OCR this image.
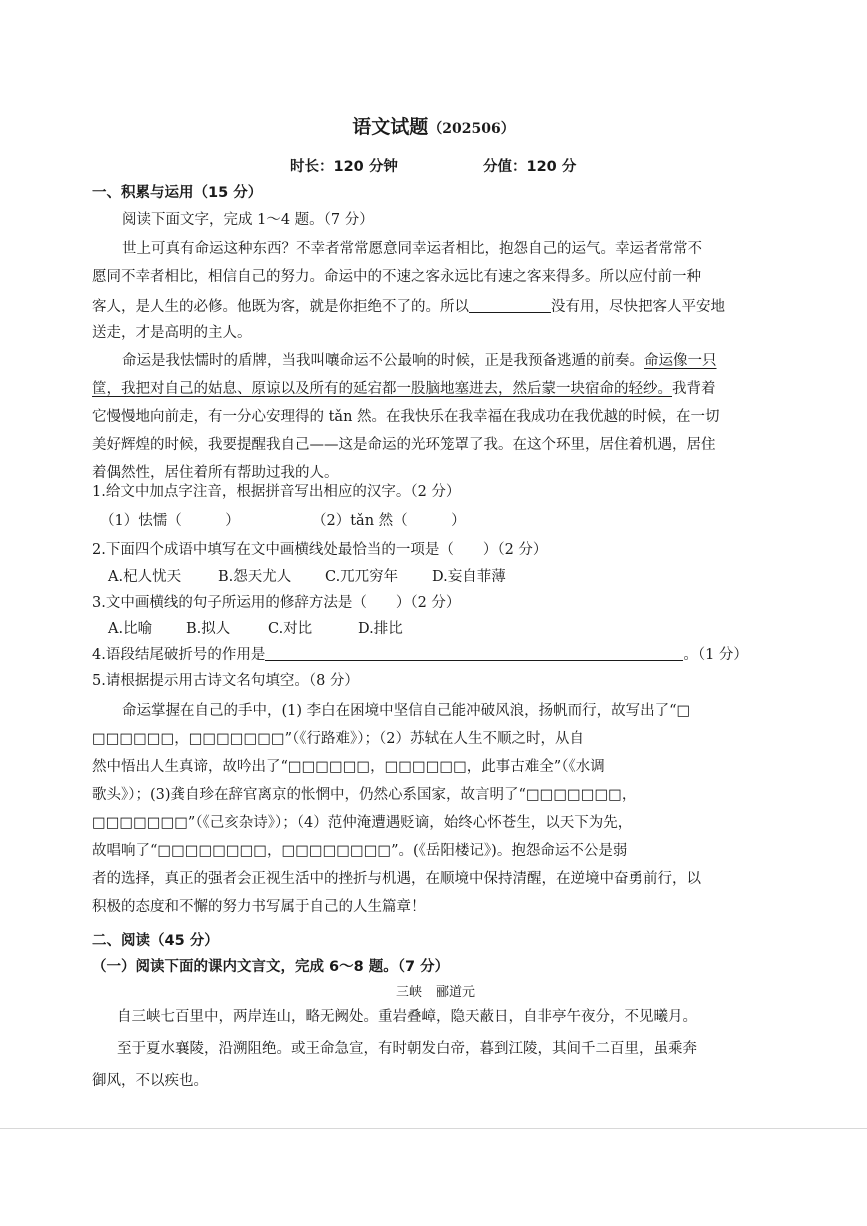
语文试题（202506）
时长：120 分钟	分值：120 分
一、积累与运用（15 分）
阅读下面文字，完成 1～4 题。（7 分）
世上可真有命运这种东西？不幸者常常愿意同幸运者相比，抱怨自己的运气。幸运者常常不
愿同不幸者相比，相信自己的努力。命运中的不速之客永远比有速之客来得多。所以应付前一种
客人，是人生的必修。他既为客，就是你拒绝不了的。所以	没有用，尽快把客人平安地
送走，才是高明的主人。
命运是我怯懦时的盾牌，当我叫嚷命运不公最响的时候，正是我预备逃遁的前奏。命运像一只
筐，我把对自己的姑息、原谅以及所有的延宕都一股脑地塞进去，然后蒙一块宿命的轻纱。我背着
它慢慢地向前走，有一分心安理得的 tǎn 然。在我快乐在我幸福在我成功在我优越的时候，在一切
美好辉煌的时候，我要提醒我自己——这是命运的光环笼罩了我。在这个环里，居住着机遇，居住
着偶然性，居住着所有帮助过我的人。
1.给文中加点字注音，根据拼音写出相应的汉字。（2 分）
（1）怯懦（　　　）	（2）tǎn 然（　　　）
2.下面四个成语中填写在文中画横线处最恰当的一项是（　　）（2 分）
A.杞人忧天	B.怨天尤人 C.兀兀穷年 D.妄自菲薄
3.文中画横线的句子所运用的修辞方法是（　　）（2 分）
A.比喻 B.拟人	C.对比	D.排比
4.语段结尾破折号的作用是	。（1 分）
5.请根据提示用古诗文名句填空。（8 分）
命运掌握在自己的手中，(1) 李白在困境中坚信自己能冲破风浪，扬帆而行，故写出了“□
□□□□□□，□□□□□□□”（《行路难》）；（2）苏轼在人生不顺之时，从自
然中悟出人生真谛，故吟出了“□□□□□□，□□□□□□，此事古难全”（《水调
歌头》）；(3)龚自珍在辞官离京的怅惘中，仍然心系国家，故言明了“□□□□□□□，
□□□□□□□”（《己亥杂诗》）；（4）范仲淹遭遇贬谪，始终心怀苍生，以天下为先，
故唱响了“□□□□□□□□，□□□□□□□□”。(《岳阳楼记》)。抱怨命运不公是弱
者的选择，真正的强者会正视生活中的挫折与机遇，在顺境中保持清醒，在逆境中奋勇前行，以
积极的态度和不懈的努力书写属于自己的人生篇章！
二、阅读（45 分）
（一）阅读下面的课内文言文，完成 6～8 题。（7 分）
三峡 郦道元
自三峡七百里中，两岸连山，略无阙处。重岩叠嶂，隐天蔽日，自非亭午夜分，不见曦月。
至于夏水襄陵，沿溯阻绝。或王命急宣，有时朝发白帝，暮到江陵，其间千二百里，虽乘奔
御风，不以疾也。
